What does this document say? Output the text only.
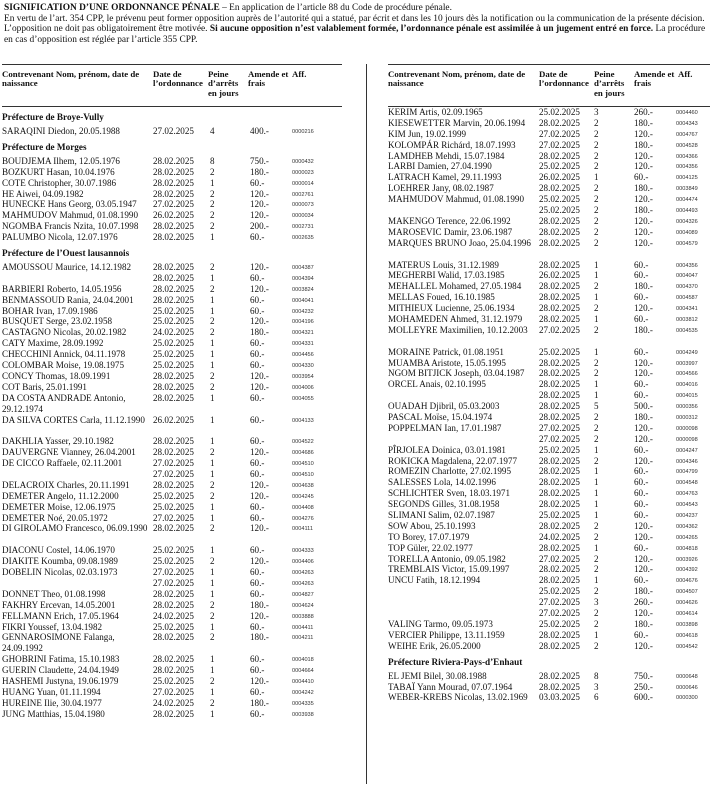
SIGNIFICATION D’UNE ORDONNANCE PÉNALE – En application de l’article 88 du Code de procédure pénale.
En vertu de l’art. 354 CPP, le prévenu peut former opposition auprès de l’autorité qui a statué, par écrit et dans les 10 jours dès la notification ou la communication de la présente décision. L’opposition ne doit pas obligatoirement être motivée. Si aucune opposition n’est valablement formée, l’ordonnance pénale est assimilée à un jugement entré en force. La procédure en cas d’opposition est réglée par l’article 355 CPP.
Contrevenant Nom, prénom, date de naissance
Date de l’ordonnance
Peine d’arrêts en jours
Amende et frais
Aff.
Préfecture de Broye-Vully
SARAQINI Diedon, 20.05.1988	27.02.2025 4	400.-	0000216
Préfecture de Morges
BOUDJEMA Ilhem, 12.05.1976	28.02.2025 8	750.-	0000432
BOZKURT Hasan, 10.04.1976	28.02.2025 2	180.-	0000023
COTE Christopher, 30.07.1986	28.02.2025 1	60.-	0000014
HE Aiwei, 04.09.1982	28.02.2025 2	120.-	0002761
HUNECKE Hans Georg, 03.05.1947	27.02.2025 2	120.-	0000073
MAHMUDOV Mahmud, 01.08.1990	26.02.2025 2	120.-	0000034
NGOMBA Francis Nzita, 10.07.1998	28.02.2025 2	200.-	0002731
PALUMBO Nicola, 12.07.1976	28.02.2025 1	60.-	0002635
Préfecture de l’Ouest lausannois
AMOUSSOU Maurice, 14.12.1982	28.02.2025 2	120.-	0004387
28.02.2025 1	60.-	0004394
BARBIERI Roberto, 14.05.1956	28.02.2025 2	120.-	0003824
BENMASSOUD Rania, 24.04.2001	28.02.2025 1	60.-	0004041
BOHAR Ivan, 17.09.1986	25.02.2025 1	60.-	0004232
BUSQUET Serge, 23.02.1958	25.02.2025 2	120.-	0004196
CASTAGNO Nicolas, 20.02.1982	24.02.2025 2	180.-	0004321
CATY Maxime, 28.09.1992	25.02.2025 1	60.-	0004331
CHECCHINI Annick, 04.11.1978	25.02.2025 1	60.-	0004456
COLOMBAR Moise, 19.08.1975	25.02.2025 1	60.-	0004330
CONCY Thomas, 18.09.1991	28.02.2025 2	120.-	0003954
COT Baris, 25.01.1991	28.02.2025 2	120.-	0004006
DA COSTA ANDRADE Antonio, 29.12.1974
28.02.2025 1	60.-	0004055
DA SILVA CORTES Carla, 11.12.1990 26.02.2025 1	60.-	0004133
DAKHLIA Yasser, 29.10.1982	28.02.2025 1	60.-	0004522
DAUVERGNE Vianney, 26.04.2001	28.02.2025 2	120.-	0004686
DE CICCO Raffaele, 02.11.2001	27.02.2025 1	60.-	0004510
27.02.2025 1	60.-	0004510
DELACROIX Charles, 20.11.1991	28.02.2025 2	120.-	0004638
DEMETER Angelo, 11.12.2000	25.02.2025 2	120.-	0004245
DEMETER Moise, 12.06.1975	25.02.2025 1	60.-	0004408
DEMETER Noé, 20.05.1972	27.02.2025 1	60.-	0004276
DI GIROLAMO Francesco, 06.09.1990 28.02.2025 2	120.-	0004111
DIACONU Costel, 14.06.1970	25.02.2025 1	60.-	0004333
DIAKITE Koumba, 09.08.1989	25.02.2025 2	120.-	0004406
DOBELIN Nicolas, 02.03.1973	27.02.2025 1	60.-	0004263
27.02.2025 1	60.-	0004263
DONNET Theo, 01.08.1998	28.02.2025 1	60.-	0004827
FAKHRY Ercevan, 14.05.2001	28.02.2025 2	180.-	0004624
FELLMANN Erich, 17.05.1964	24.02.2025 2	120.-	0003888
FIKRI Youssef, 13.04.1982	25.02.2025 1	60.-	0004411
GENNAROSIMONE Falanga, 24.09.1992
28.02.2025 2	180.-	0004211
GHOBRINI Fatima, 15.10.1983	28.02.2025 1	60.-	0004018
GUERIN Claudette, 24.04.1949	28.02.2025 1	60.-	0004664
HASHEMI Justyna, 19.06.1979	25.02.2025 2	120.-	0004410
HUANG Yuan, 01.11.1994	27.02.2025 1	60.-	0004242
HUREINE Ilie, 30.04.1977	24.02.2025 2	180.-	0004335
JUNG Matthias, 15.04.1980	28.02.2025 1	60.-	0003938
Contrevenant Nom, prénom, date de naissance
Date de l’ordonnance
Peine d’arrêts en jours
Amende et frais
Aff.
KERIM Artis, 02.09.1965	25.02.2025 3	260.-	0004460
KIESEWETTER Marvin, 20.06.1994	28.02.2025 2	180.-	0004343
KIM Jun, 19.02.1999	27.02.2025 2	120.-	0004767
KOLOMPÁR Richárd, 18.07.1993	27.02.2025 2	180.-	0004528
LAMDHEB Mehdi, 15.07.1984	28.02.2025 2	120.-	0004366
LARBI Damien, 27.04.1990	25.02.2025 2	120.-	0004356
LATRACH Kamel, 29.11.1993	26.02.2025 1	60.-	0004125
LOEHRER Jany, 08.02.1987	28.02.2025 2	180.-	0003849
MAHMUDOV Mahmud, 01.08.1990	25.02.2025 2	120.-	0004474
25.02.2025 2	180.-	0004493
MAKENGO Terence, 22.06.1992	28.02.2025 2	120.-	0004326
MAROSEVIC Damir, 23.06.1987	28.02.2025 2	120.-	0004089
MARQUES BRUNO Joao, 25.04.1996 28.02.2025 2	120.-	0004579
MATERUS Louis, 31.12.1989	28.02.2025 1	60.-	0004356
MEGHERBI Walid, 17.03.1985	26.02.2025 1	60.-	0004047
MEHALLEL Mohamed, 27.05.1984	28.02.2025 2	180.-	0004370
MELLAS Foued, 16.10.1985	28.02.2025 1	60.-	0004587
MITHIEUX Lucienne, 25.06.1934	28.02.2025 2	120.-	0004341
MOHAMEDEN Ahmed, 31.12.1979	28.02.2025 1	60.-	0003812
MOLLEYRE Maximilien, 10.12.2003	27.02.2025 2	180.-	0004535
MORAINE Patrick, 01.08.1951	25.02.2025 1	60.-	0004249
MUAMBA Aristote, 15.05.1995	28.02.2025 2	120.-	0003997
NGOM BITJICK Joseph, 03.04.1987	28.02.2025 2	120.-	0004566
ORCEL Anais, 02.10.1995	28.02.2025 1	60.-	0004016
28.02.2025 1	60.-	0004015
OUADAH Djibril, 05.03.2003	28.02.2025 5	500.-	0000356
PASCAL Moïse, 15.04.1974	28.02.2025 2	180.-	0000312
POPPELMAN Ian, 17.01.1987	27.02.2025 2	120.-	0000098
27.02.2025 2	120.-	0000098
PÎRJOLEA Doinica, 03.01.1981	25.02.2025 1	60.-	0004247
ROKICKA Magdalena, 22.07.1977	28.02.2025 2	120.-	0004346
ROMEZIN Charlotte, 27.02.1995	28.02.2025 1	60.-	0004799
SALESSES Lola, 14.02.1996	28.02.2025 1	60.-	0004548
SCHLICHTER Sven, 18.03.1971	28.02.2025 1	60.-	0004763
SEGONDS Gilles, 31.08.1958	28.02.2025 1	60.-	0004543
SLIMANI Salim, 02.07.1987	25.02.2025 1	60.-	0004237
SOW Abou, 25.10.1993	28.02.2025 2	120.-	0004362
TO Borey, 17.07.1979	24.02.2025 2	120.-	0004265
TOP Güler, 22.02.1977	28.02.2025 1	60.-	0004818
TORELLA Antonio, 09.05.1982	27.02.2025 2	120.-	0003926
TREMBLAIS Victor, 15.09.1997	28.02.2025 2	120.-	0004392
UNCU Fatih, 18.12.1994	28.02.2025 1	60.-	0004676
25.02.2025 2	180.-	0004507
27.02.2025 3	260.-	0004626
27.02.2025 2	120.-	0004614
VALING Tarmo, 09.05.1973	25.02.2025 2	180.-	0003898
VERCIER Philippe, 13.11.1959	28.02.2025 1	60.-	0004618
WEIHE Erik, 26.05.2000	28.02.2025 2	120.-	0004542
Préfecture Riviera-Pays-d’Enhaut
EL JEMI Bilel, 30.08.1988	28.02.2025 8	750.-	0000648
TABAÏ Yann Mourad, 07.07.1964	28.02.2025 3	250.-	0000646
WEBER-KREBS Nicolas, 13.02.1969	03.03.2025 6	600.-	0000300
